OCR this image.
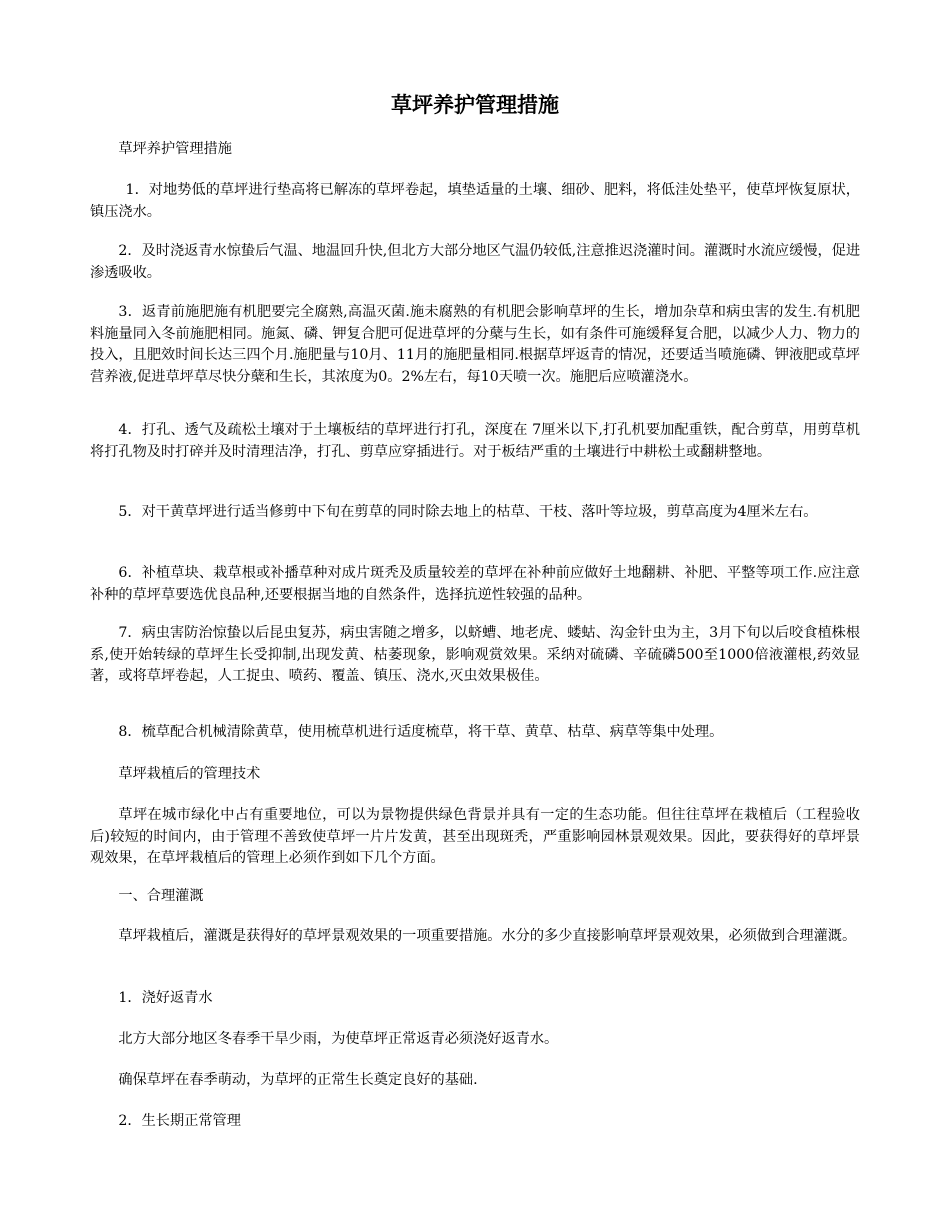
草坪养护管理措施

草坪养护管理措施

1．对地势低的草坪进行垫高将已解冻的草坪卷起，填垫适量的土壤、细砂、肥料，将低洼处垫平，使草坪恢复原状，镇压浇水。

2．及时浇返青水惊蛰后气温、地温回升快,但北方大部分地区气温仍较低,注意推迟浇灌时间。灌溉时水流应缓慢，促进渗透吸收。

3．返青前施肥施有机肥要完全腐熟,高温灭菌.施未腐熟的有机肥会影响草坪的生长，增加杂草和病虫害的发生.有机肥料施量同入冬前施肥相同。施氮、磷、钾复合肥可促进草坪的分蘖与生长，如有条件可施缓释复合肥，以减少人力、物力的投入，且肥效时间长达三四个月.施肥量与10月、11月的施肥量相同.根据草坪返青的情况，还要适当喷施磷、钾液肥或草坪营养液,促进草坪草尽快分蘖和生长，其浓度为0。2%左右，每10天喷一次。施肥后应喷灌浇水。

4．打孔、透气及疏松土壤对于土壤板结的草坪进行打孔，深度在 7厘米以下,打孔机要加配重铁，配合剪草，用剪草机将打孔物及时打碎并及时清理洁净，打孔、剪草应穿插进行。对于板结严重的土壤进行中耕松土或翻耕整地。

5．对干黄草坪进行适当修剪中下旬在剪草的同时除去地上的枯草、干枝、落叶等垃圾，剪草高度为4厘米左右。

6．补植草块、栽草根或补播草种对成片斑秃及质量较差的草坪在补种前应做好土地翻耕、补肥、平整等项工作.应注意补种的草坪草要选优良品种,还要根据当地的自然条件，选择抗逆性较强的品种。

7．病虫害防治惊蛰以后昆虫复苏，病虫害随之增多，以蛴螬、地老虎、蝼蛄、沟金针虫为主，3月下旬以后咬食植株根系,使开始转绿的草坪生长受抑制,出现发黄、枯萎现象，影响观赏效果。采纳对硫磷、辛硫磷500至1000倍液灌根,药效显著，或将草坪卷起，人工捉虫、喷药、覆盖、镇压、浇水,灭虫效果极佳。

8．梳草配合机械清除黄草，使用梳草机进行适度梳草，将干草、黄草、枯草、病草等集中处理。

草坪栽植后的管理技术

草坪在城市绿化中占有重要地位，可以为景物提供绿色背景并具有一定的生态功能。但往往草坪在栽植后（工程验收后)较短的时间内，由于管理不善致使草坪一片片发黄，甚至出现斑秃，严重影响园林景观效果。因此，要获得好的草坪景观效果，在草坪栽植后的管理上必须作到如下几个方面。

一、合理灌溉

草坪栽植后，灌溉是获得好的草坪景观效果的一项重要措施。水分的多少直接影响草坪景观效果，必须做到合理灌溉。

1．浇好返青水

北方大部分地区冬春季干旱少雨，为使草坪正常返青必须浇好返青水。

确保草坪在春季萌动，为草坪的正常生长奠定良好的基础.

2．生长期正常管理
